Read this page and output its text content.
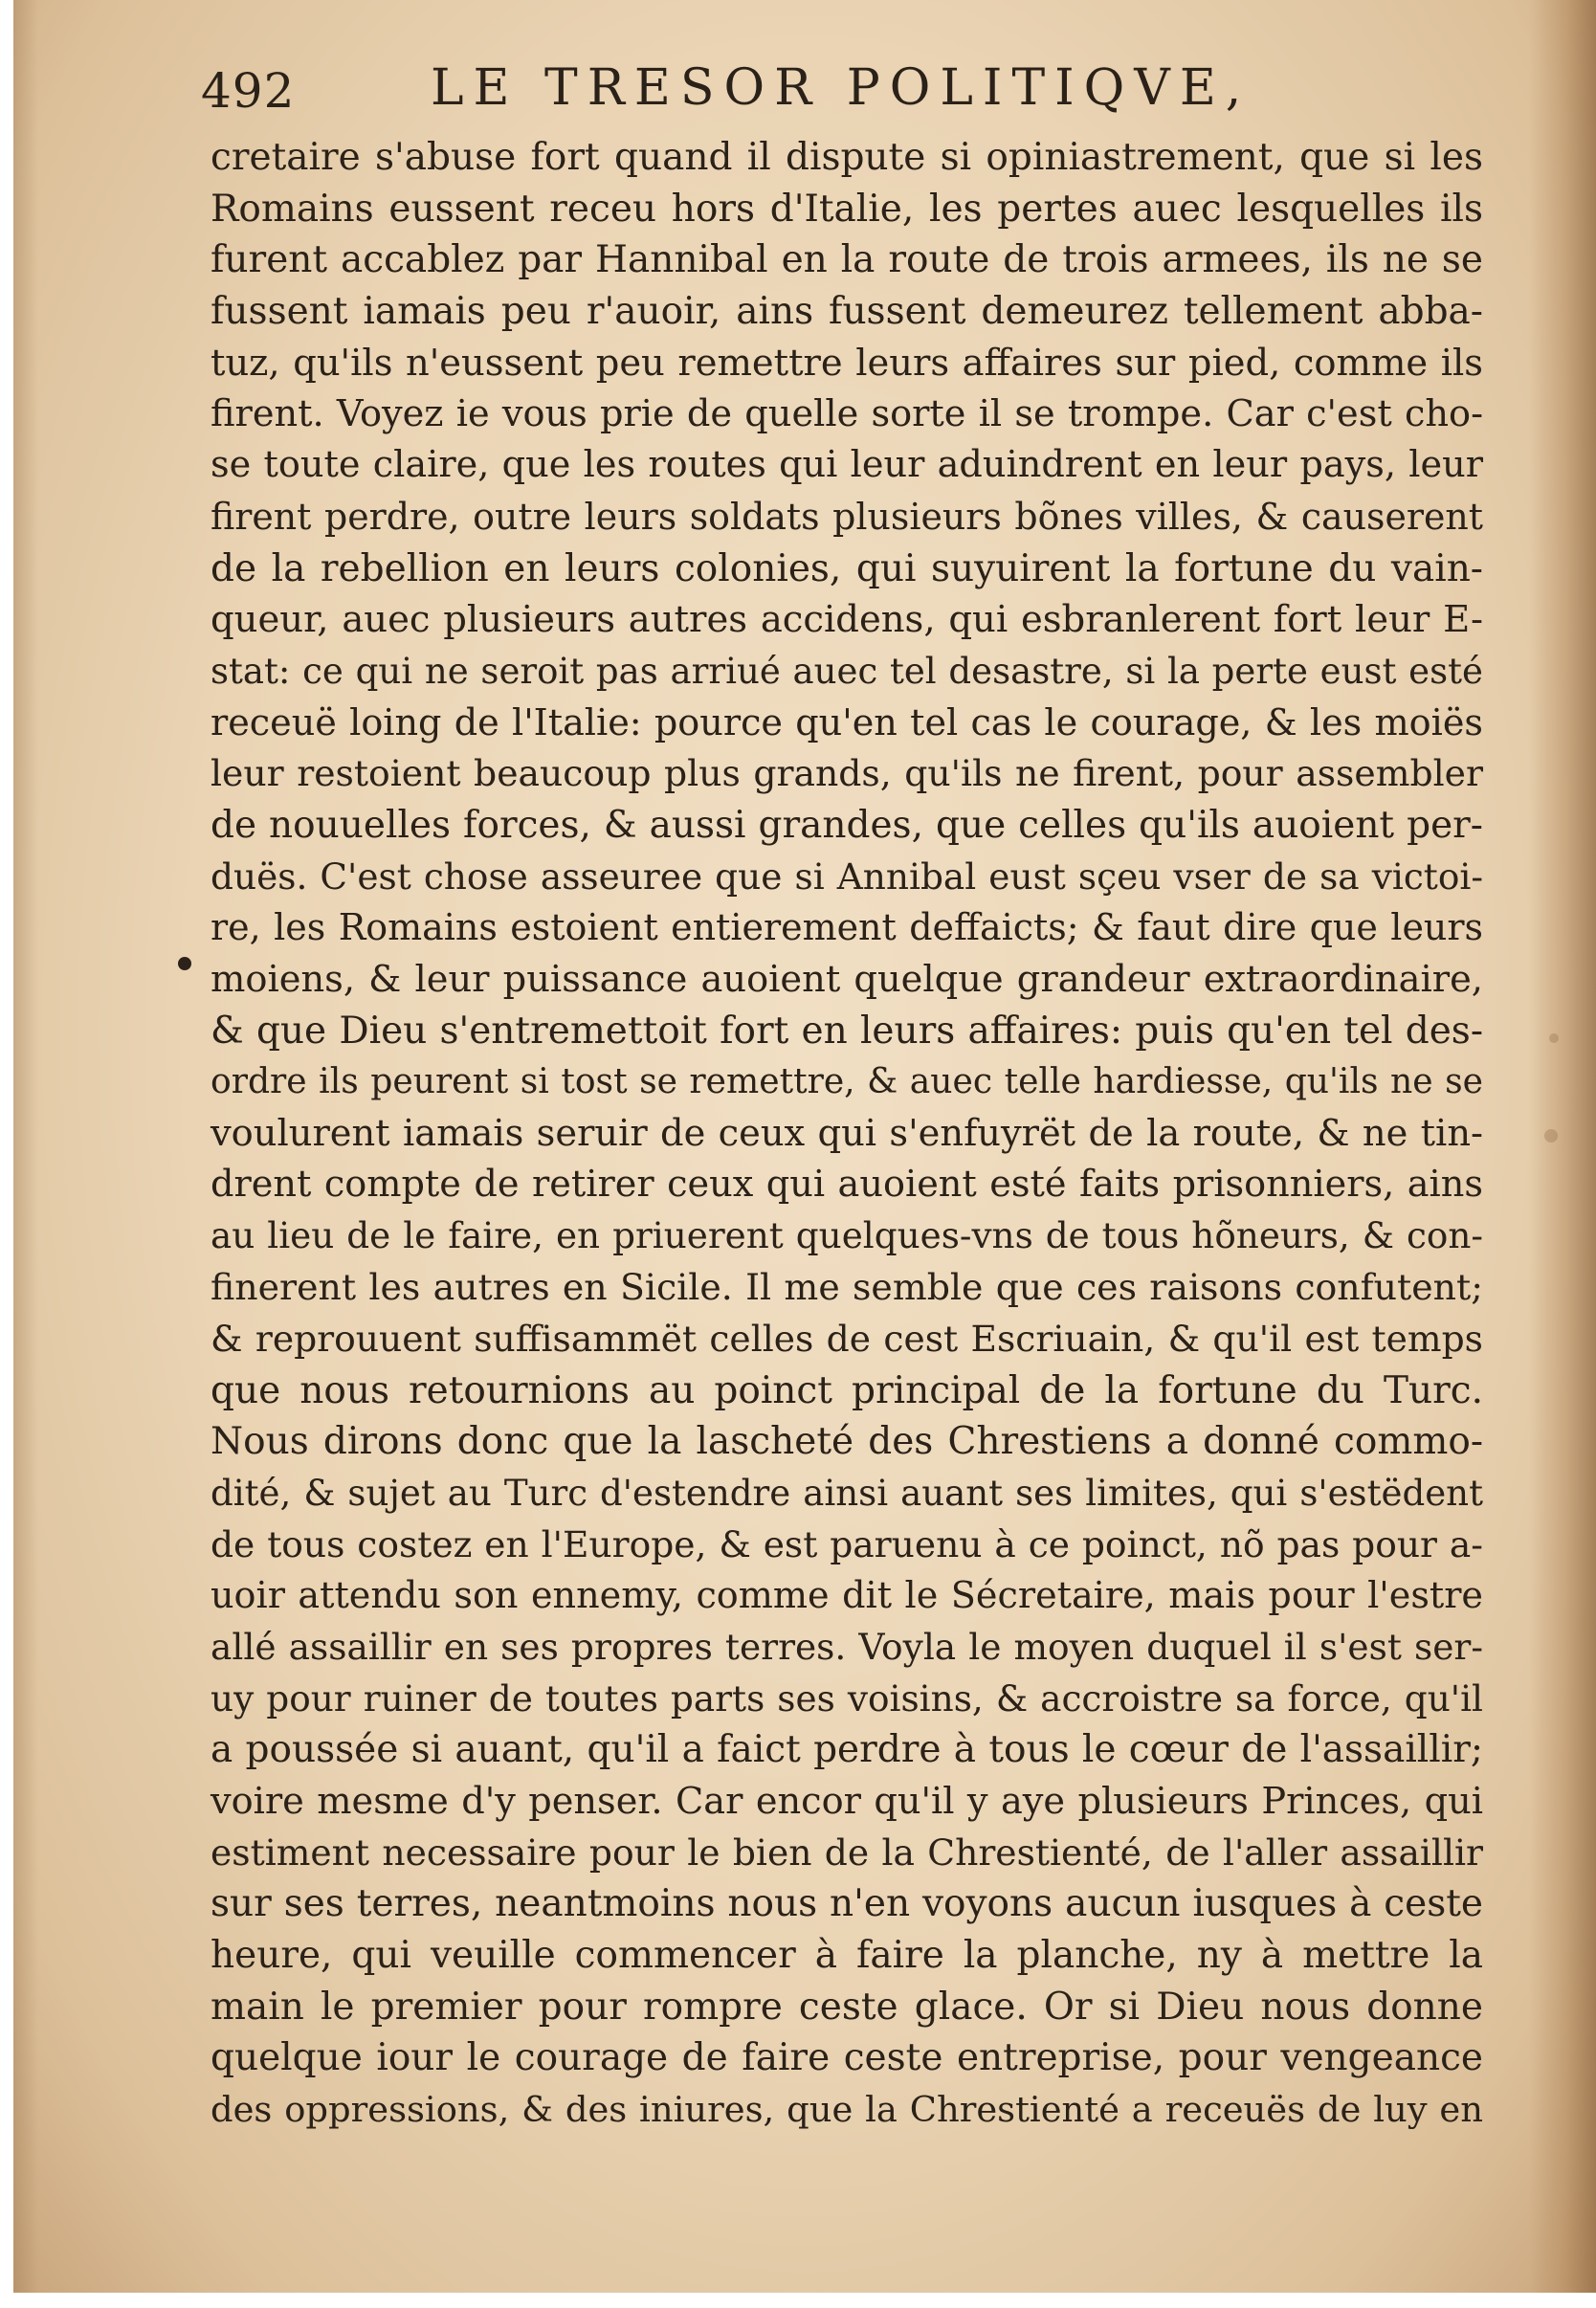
492	LE TRESOR POLITIQVE,
cretaire s'abuse fort quand il dispute si opiniastrement, que si les
Romains eussent receu hors d'Italie, les pertes auec lesquelles ils
furent accablez par Hannibal en la route de trois armees, ils ne se
fussent iamais peu r'auoir, ains fussent demeurez tellement abba-
tuz, qu'ils n'eussent peu remettre leurs affaires sur pied, comme ils
firent. Voyez ie vous prie de quelle sorte il se trompe. Car c'est cho-
se toute claire, que les routes qui leur aduindrent en leur pays, leur
firent perdre, outre leurs soldats plusieurs bõnes villes, & causerent
de la rebellion en leurs colonies, qui suyuirent la fortune du vain-
queur, auec plusieurs autres accidens, qui esbranlerent fort leur E-
stat: ce qui ne seroit pas arriué auec tel desastre, si la perte eust esté
receuë loing de l'Italie: pource qu'en tel cas le courage, & les moiës
leur restoient beaucoup plus grands, qu'ils ne firent, pour assembler
de nouuelles forces, & aussi grandes, que celles qu'ils auoient per-
duës. C'est chose asseuree que si Annibal eust sçeu vser de sa victoi-
re, les Romains estoient entierement deffaicts; & faut dire que leurs
moiens, & leur puissance auoient quelque grandeur extraordinaire,
& que Dieu s'entremettoit fort en leurs affaires: puis qu'en tel des-
ordre ils peurent si tost se remettre, & auec telle hardiesse, qu'ils ne se
voulurent iamais seruir de ceux qui s'enfuyrët de la route, & ne tin-
drent compte de retirer ceux qui auoient esté faits prisonniers, ains
au lieu de le faire, en priuerent quelques-vns de tous hõneurs, & con-
finerent les autres en Sicile. Il me semble que ces raisons confutent;
& reprouuent suffisammët celles de cest Escriuain, & qu'il est temps
que nous retournions au poinct principal de la fortune du Turc.
Nous dirons donc que la lascheté des Chrestiens a donné commo-
dité, & sujet au Turc d'estendre ainsi auant ses limites, qui s'estëdent
de tous costez en l'Europe, & est paruenu à ce poinct, nõ pas pour a-
uoir attendu son ennemy, comme dit le Sécretaire, mais pour l'estre
allé assaillir en ses propres terres. Voyla le moyen duquel il s'est ser-
uy pour ruiner de toutes parts ses voisins, & accroistre sa force, qu'il
a poussée si auant, qu'il a faict perdre à tous le cœur de l'assaillir;
voire mesme d'y penser. Car encor qu'il y aye plusieurs Princes, qui
estiment necessaire pour le bien de la Chrestienté, de l'aller assaillir
sur ses terres, neantmoins nous n'en voyons aucun iusques à ceste
heure, qui veuille commencer à faire la planche, ny à mettre la
main le premier pour rompre ceste glace. Or si Dieu nous donne
quelque iour le courage de faire ceste entreprise, pour vengeance
des oppressions, & des iniures, que la Chrestienté a receuës de luy en
